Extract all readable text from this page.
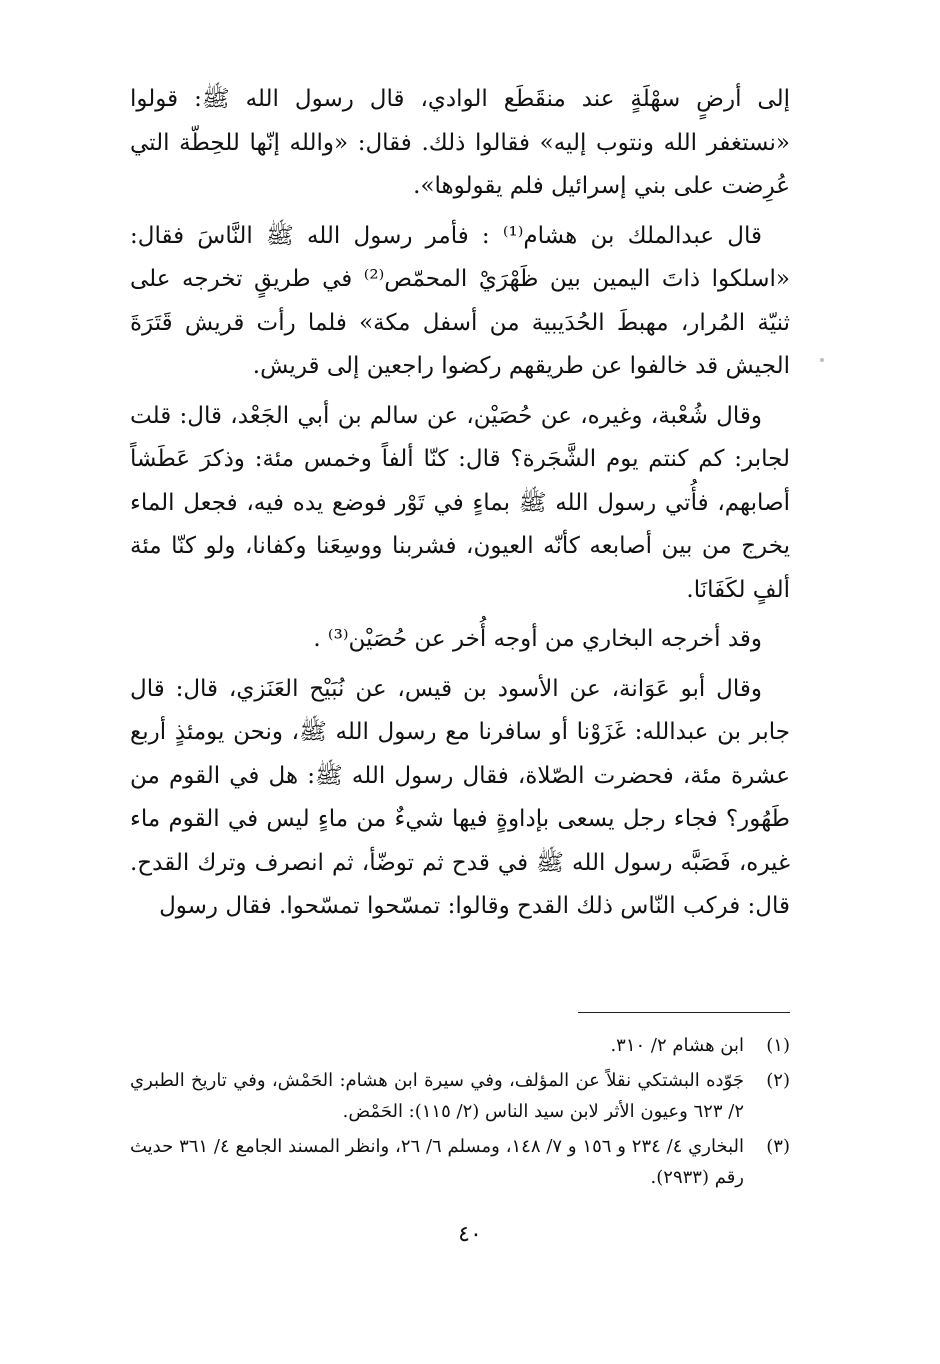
إلى أرضٍ سهْلَةٍ عند منقَطَع الوادي، قال رسول الله ﷺ: قولوا «نستغفر الله ونتوب إليه» فقالوا ذلك. فقال: «والله إنّها للحِطّة التي عُرِضت على بني إسرائيل فلم يقولوها».

قال عبدالملك بن هشام⁽¹⁾ : فأمر رسول الله ﷺ النَّاسَ فقال: «اسلكوا ذاتَ اليمين بين ظَهْرَيْ المحمّص⁽²⁾ في طريقٍ تخرجه على ثنيّة المُرار، مهبطَ الحُدَيبية من أسفل مكة» فلما رأت قريش قَتَرَةَ الجيش قد خالفوا عن طريقهم ركضوا راجعين إلى قريش.

وقال شُعْبة، وغيره، عن حُصَيْن، عن سالم بن أبي الجَعْد، قال: قلت لجابر: كم كنتم يوم الشَّجَرة؟ قال: كنّا ألفاً وخمس مئة: وذكرَ عَطَشاً أصابهم، فأُتي رسول الله ﷺ بماءٍ في تَوْر فوضع يده فيه، فجعل الماء يخرج من بين أصابعه كأنّه العيون، فشربنا ووسِعَنا وكفانا، ولو كنّا مئة ألفٍ لكَفَانَا.

وقد أخرجه البخاري من أوجه أُخر عن حُصَيْن⁽³⁾ .

وقال أبو عَوَانة، عن الأسود بن قيس، عن نُبَيْح العَنَزي، قال: قال جابر بن عبدالله: غَزَوْنا أو سافرنا مع رسول الله ﷺ، ونحن يومئذٍ أربع عشرة مئة، فحضرت الصّلاة، فقال رسول الله ﷺ: هل في القوم من طَهُور؟ فجاء رجل يسعى بإداوةٍ فيها شيءٌ من ماءٍ ليس في القوم ماء غيره، فَصَبَّه رسول الله ﷺ في قدح ثم توضّأ، ثم انصرف وترك القدح. قال: فركب النّاس ذلك القدح وقالوا: تمسّحوا تمسّحوا. فقال رسول

(١)
ابن هشام ٢/ ٣١٠.
(٢)
جَوّده البشتكي نقلاً عن المؤلف، وفي سيرة ابن هشام: الحَمْش، وفي تاريخ الطبري ٢/ ٦٢٣ وعيون الأثر لابن سيد الناس (٢/ ١١٥): الحَمْض.
(٣)
البخاري ٤/ ٢٣٤ و ١٥٦ و ٧/ ١٤٨، ومسلم ٦/ ٢٦، وانظر المسند الجامع ٤/ ٣٦١ حديث رقم (٢٩٣٣).
٤٠
